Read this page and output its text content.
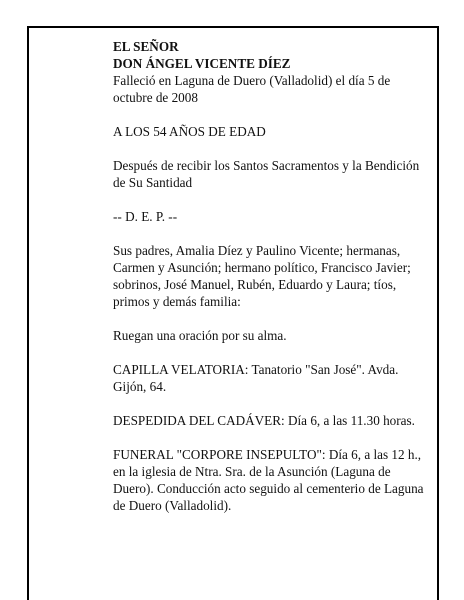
EL SEÑOR

DON ÁNGEL VICENTE DÍEZ

Falleció en Laguna de Duero (Valladolid) el día 5 de octubre de 2008

A LOS 54 AÑOS DE EDAD

Después de recibir los Santos Sacramentos y la Bendición de Su Santidad

-- D. E. P. --

Sus padres, Amalia Díez y Paulino Vicente; hermanas, Carmen y Asunción; hermano político, Francisco Javier; sobrinos, José Manuel, Rubén, Eduardo y Laura; tíos, primos y demás familia:

Ruegan una oración por su alma.

CAPILLA VELATORIA: Tanatorio "San José". Avda. Gijón, 64.

DESPEDIDA DEL CADÁVER: Día 6, a las 11.30 horas.

FUNERAL "CORPORE INSEPULTO": Día 6, a las 12 h., en la iglesia de Ntra. Sra. de la Asunción (Laguna de Duero). Conducción acto seguido al cementerio de Laguna de Duero (Valladolid).
